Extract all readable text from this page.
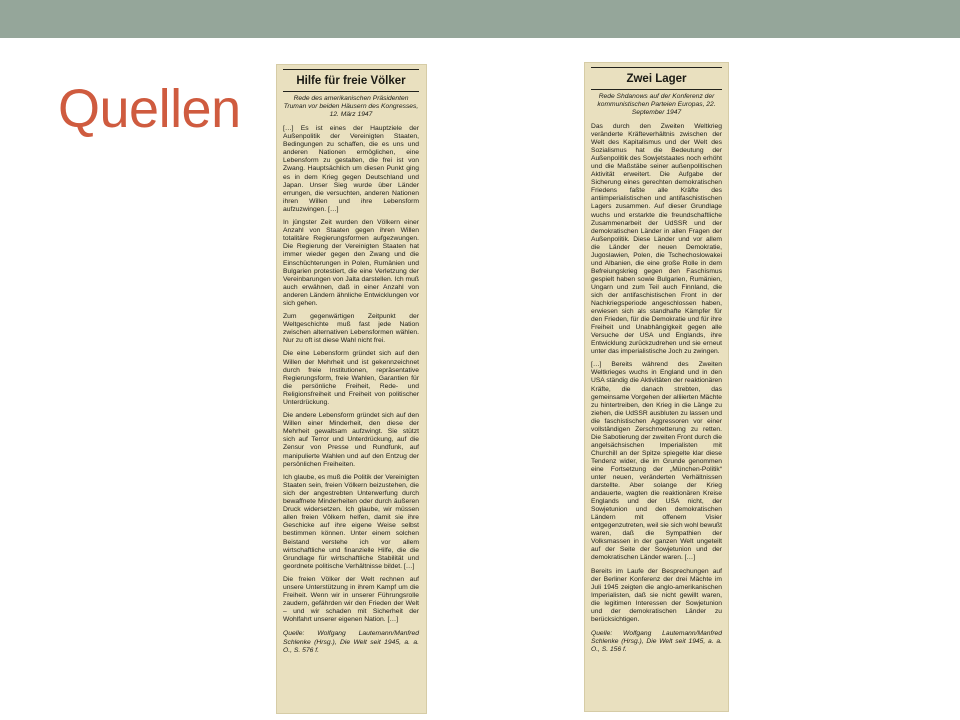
Quellen	Hilfe für freie Völker

Rede des amerikanischen Präsidenten Truman vor beiden Häusern des Kongresses, 12. März 1947

[…] Es ist eines der Hauptziele der Außenpolitik der Vereinigten Staaten, Bedingungen zu schaffen, die es uns und anderen Nationen ermöglichen, eine Lebensform zu gestalten, die frei ist von Zwang. Hauptsächlich um diesen Punkt ging es in dem Krieg gegen Deutschland und Japan. Unser Sieg wurde über Länder errungen, die versuchten, anderen Nationen ihren Willen und ihre Lebensform aufzuzwingen. […]

In jüngster Zeit wurden den Völkern einer Anzahl von Staaten gegen ihren Willen totalitäre Regierungsformen aufgezwungen. Die Regierung der Vereinigten Staaten hat immer wieder gegen den Zwang und die Einschüchterungen in Polen, Rumänien und Bulgarien protestiert, die eine Verletzung der Vereinbarungen von Jalta darstellen. Ich muß auch erwähnen, daß in einer Anzahl von anderen Ländern ähnliche Entwicklungen vor sich gehen.

Zum gegenwärtigen Zeitpunkt der Weltgeschichte muß fast jede Nation zwischen alternativen Lebensformen wählen. Nur zu oft ist diese Wahl nicht frei.

Die eine Lebensform gründet sich auf den Willen der Mehrheit und ist gekennzeichnet durch freie Institutionen, repräsentative Regierungsform, freie Wahlen, Garantien für die persönliche Freiheit, Rede- und Religionsfreiheit und Freiheit von politischer Unterdrückung.

Die andere Lebensform gründet sich auf den Willen einer Minderheit, den diese der Mehrheit gewaltsam aufzwingt. Sie stützt sich auf Terror und Unterdrückung, auf die Zensur von Presse und Rundfunk, auf manipulierte Wahlen und auf den Entzug der persönlichen Freiheiten.

Ich glaube, es muß die Politik der Vereinigten Staaten sein, freien Völkern beizustehen, die sich der angestrebten Unterwerfung durch bewaffnete Minderheiten oder durch äußeren Druck widersetzen. Ich glaube, wir müssen allen freien Völkern helfen, damit sie ihre Geschicke auf ihre eigene Weise selbst bestimmen können. Unter einem solchen Beistand verstehe ich vor allem wirtschaftliche und finanzielle Hilfe, die die Grundlage für wirtschaftliche Stabilität und geordnete politische Verhältnisse bildet. […]

Die freien Völker der Welt rechnen auf unsere Unterstützung in ihrem Kampf um die Freiheit. Wenn wir in unserer Führungsrolle zaudern, gefährden wir den Frieden der Welt – und wir schaden mit Sicherheit der Wohlfahrt unserer eigenen Nation. […]

Quelle: Wolfgang Lautemann/Manfred Schlenke (Hrsg.), Die Welt seit 1945, a. a. O., S. 576 f.

Zwei Lager

Rede Shdanows auf der Konferenz der kommunistischen Parteien Europas, 22. September 1947

Das durch den Zweiten Weltkrieg veränderte Kräfteverhältnis zwischen der Welt des Kapitalismus und der Welt des Sozialismus hat die Bedeutung der Außenpolitik des Sowjetstaates noch erhöht und die Maßstäbe seiner außenpolitischen Aktivität erweitert. Die Aufgabe der Sicherung eines gerechten demokratischen Friedens faßte alle Kräfte des antiimperialistischen und antifaschistischen Lagers zusammen. Auf dieser Grundlage wuchs und erstarkte die freundschaftliche Zusammenarbeit der UdSSR und der demokratischen Länder in allen Fragen der Außenpolitik. Diese Länder und vor allem die Länder der neuen Demokratie, Jugoslawien, Polen, die Tschechoslowakei und Albanien, die eine große Rolle in dem Befreiungskrieg gegen den Faschismus gespielt haben sowie Bulgarien, Rumänien, Ungarn und zum Teil auch Finnland, die sich der antifaschistischen Front in der Nachkriegsperiode angeschlossen haben, erwiesen sich als standhafte Kämpfer für den Frieden, für die Demokratie und für ihre Freiheit und Unabhängigkeit gegen alle Versuche der USA und Englands, ihre Entwicklung zurückzudrehen und sie erneut unter das imperialistische Joch zu zwingen.

[…] Bereits während des Zweiten Weltkrieges wuchs in England und in den USA ständig die Aktivitäten der reaktionären Kräfte, die danach strebten, das gemeinsame Vorgehen der alliierten Mächte zu hintertreiben, den Krieg in die Länge zu ziehen, die UdSSR ausbluten zu lassen und die faschistischen Aggressoren vor einer vollständigen Zerschmetterung zu retten. Die Sabotierung der zweiten Front durch die angelsächsischen Imperialisten mit Churchill an der Spitze spiegelte klar diese Tendenz wider, die im Grunde genommen eine Fortsetzung der „München-Politik“ unter neuen, veränderten Verhältnissen darstellte. Aber solange der Krieg andauerte, wagten die reaktionären Kreise Englands und der USA nicht, der Sowjetunion und den demokratischen Ländern mit offenem Visier entgegenzutreten, weil sie sich wohl bewußt waren, daß die Sympathien der Volksmassen in der ganzen Welt ungeteilt auf der Seite der Sowjetunion und der demokratischen Länder waren. […]

Bereits im Laufe der Besprechungen auf der Berliner Konferenz der drei Mächte im Juli 1945 zeigten die anglo-amerikanischen Imperialisten, daß sie nicht gewillt waren, die legitimen Interessen der Sowjetunion und der demokratischen Länder zu berücksichtigen.

Quelle: Wolfgang Lautemann/Manfred Schlenke (Hrsg.), Die Welt seit 1945, a. a. O., S. 156 f.
